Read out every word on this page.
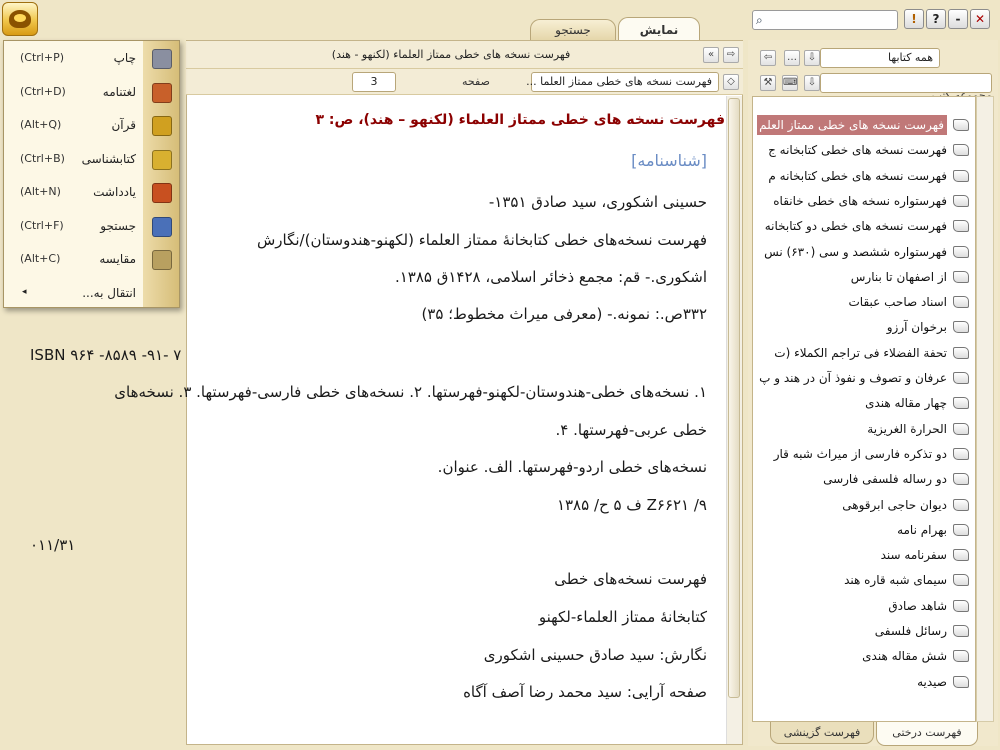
نمایش
جستجو
⌕	!	?	-	✕
⇨
«
فهرست نسخه های خطی ممتاز العلماء (لکنهو - هند)
◇
فهرست نسخه های خطی ممتاز العلما ...
صفحه
3
فهرست نسخه های خطی ممتاز العلماء (لکنهو – هند)، ص: ٣
[شناسنامه]
حسینی اشکوری، سید صادق ۱۳۵۱-
فهرست نسخه‌های خطی کتابخانهٔ ممتاز العلماء (لکهنو-هندوستان)/نگارش
اشکوری.- قم: مجمع ذخائر اسلامی، ۱۴۲۸ق ۱۳۸۵.
۳۳۲ص.: نمونه.- (معرفی میراث مخطوط؛ ۳۵)
ISBN ۹۶۴ -۸۵۸۹ -۹۱- ۷
۱. نسخه‌های خطی-هندوستان-لکهنو-فهرستها. ۲. نسخه‌های خطی فارسی-فهرستها. ۳. نسخه‌های
خطی عربی-فهرستها. ۴.
نسخه‌های خطی اردو-فهرستها. الف. عنوان.
Z۶۶۲۱ /۹ ف ۵ ح/ ۱۳۸۵
۰۱۱/۳۱
فهرست نسخه‌های خطی
کتابخانهٔ ممتاز العلماء-لکهنو
نگارش: سید صادق حسینی اشکوری
صفحه آرایی: سید محمد رضا آصف آگاه
همه کتابها
⇩
…
⇦
⇩
⌨
⚒
فهرست نسخه های خطی ممتاز العلم
فهرست نسخه های خطی کتابخانه ج
فهرست نسخه های خطی کتابخانه م
فهرستواره نسخه های خطی خانقاه
فهرست نسخه های خطی دو کتابخانه
فهرستواره ششصد و سی (۶۳۰) نس
از اصفهان تا بنارس
اسناد صاحب عبقات
برخوان آرزو
تحفة الفضلاء فی تراجم الکملاء (ت
عرفان و تصوف و نفوذ آن در هند و پ
چهار مقاله هندی
الحرارة الغریزیة
دو تذکره فارسی از میراث شبه قار
دو رساله فلسفی فارسی
دیوان حاجی ابرقوهی
بهرام نامه
سفرنامه سند
سیمای شبه قاره هند
شاهد صادق
رسائل فلسفی
شش مقاله هندی
صیدیه
فهرست درختی
فهرست گزینشی
چاپ
(Ctrl+P)
لغتنامه
(Ctrl+D)
قرآن
(Alt+Q)
کتابشناسی
(Ctrl+B)
یادداشت
(Alt+N)
جستجو
(Ctrl+F)
مقایسه
(Alt+C)
انتقال به...
◂
